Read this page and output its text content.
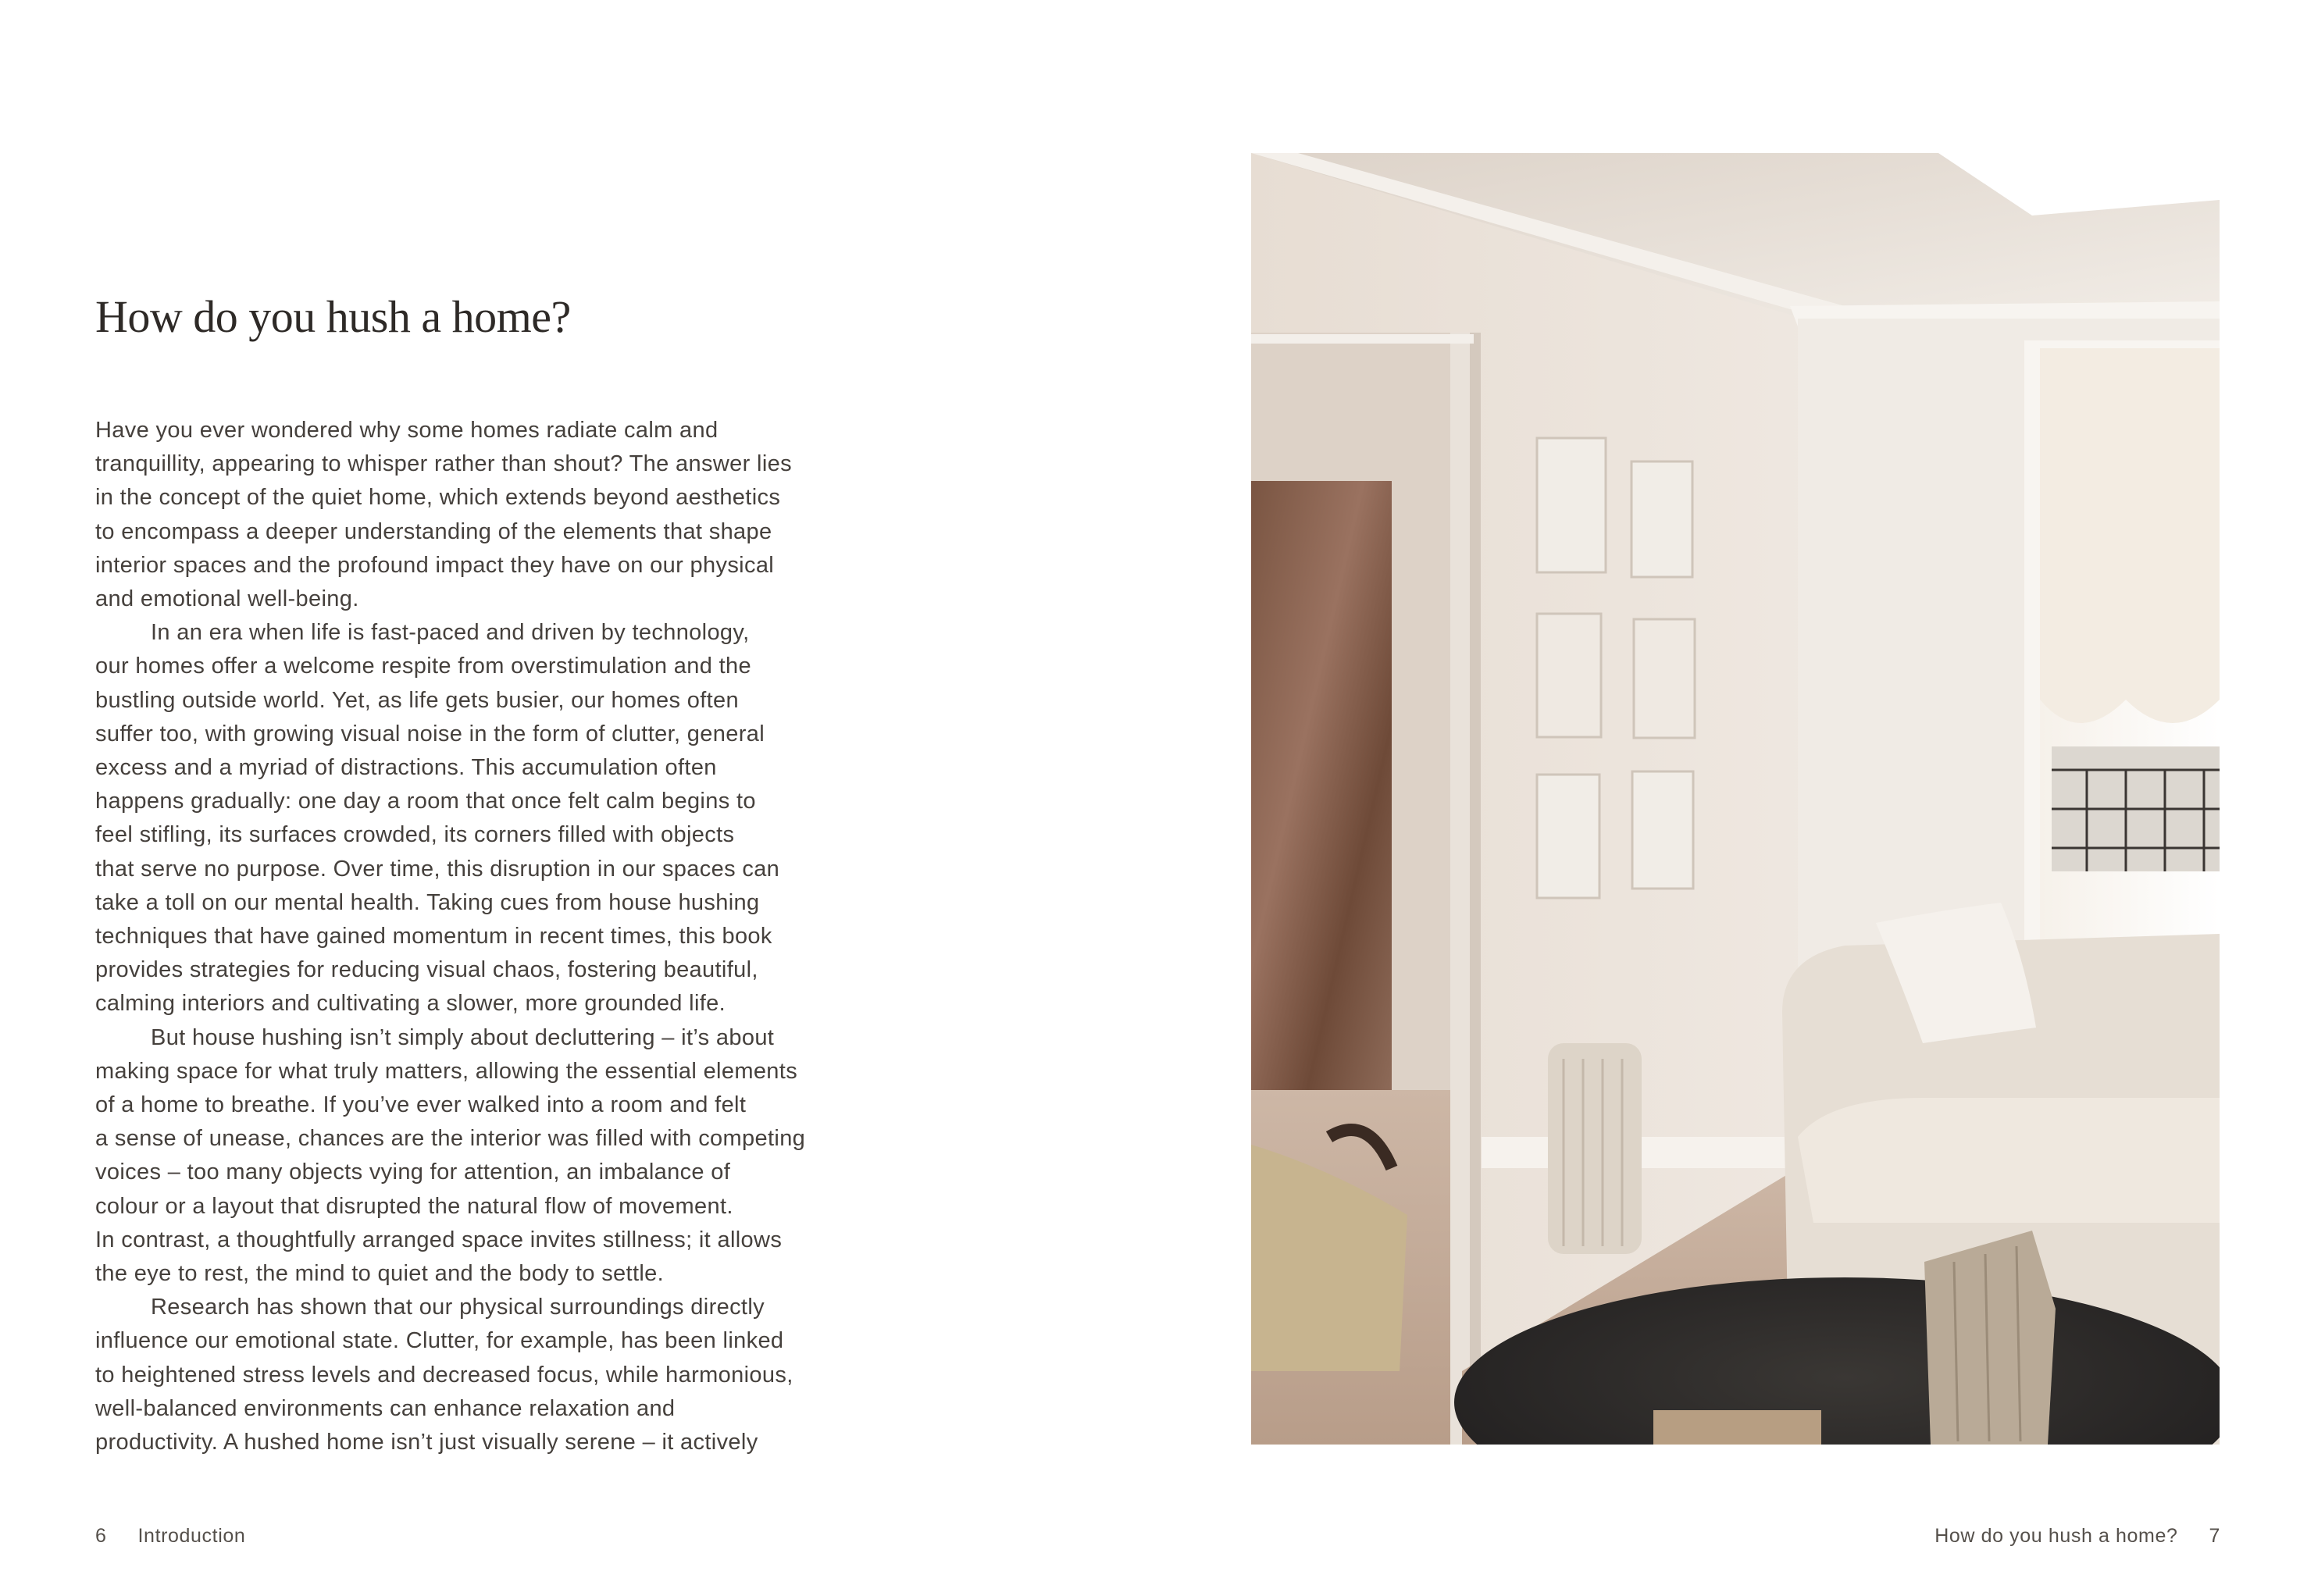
How do you hush a home?
Have you ever wondered why some homes radiate calm and
tranquillity, appearing to whisper rather than shout? The answer lies
in the concept of the quiet home, which extends beyond aesthetics
to encompass a deeper understanding of the elements that shape
interior spaces and the profound impact they have on our physical
and emotional well-being.
In an era when life is fast-paced and driven by technology,
our homes offer a welcome respite from overstimulation and the
bustling outside world. Yet, as life gets busier, our homes often
suffer too, with growing visual noise in the form of clutter, general
excess and a myriad of distractions. This accumulation often
happens gradually: one day a room that once felt calm begins to
feel stifling, its surfaces crowded, its corners filled with objects
that serve no purpose. Over time, this disruption in our spaces can
take a toll on our mental health. Taking cues from house hushing
techniques that have gained momentum in recent times, this book
provides strategies for reducing visual chaos, fostering beautiful,
calming interiors and cultivating a slower, more grounded life.
But house hushing isn’t simply about decluttering – it’s about
making space for what truly matters, allowing the essential elements
of a home to breathe. If you’ve ever walked into a room and felt
a sense of unease, chances are the interior was filled with competing
voices – too many objects vying for attention, an imbalance of
colour or a layout that disrupted the natural flow of movement.
In contrast, a thoughtfully arranged space invites stillness; it allows
the eye to rest, the mind to quiet and the body to settle.
Research has shown that our physical surroundings directly
influence our emotional state. Clutter, for example, has been linked
to heightened stress levels and decreased focus, while harmonious,
well-balanced environments can enhance relaxation and
productivity. A hushed home isn’t just visually serene – it actively
6 Introduction	How do you hush a home? 7
